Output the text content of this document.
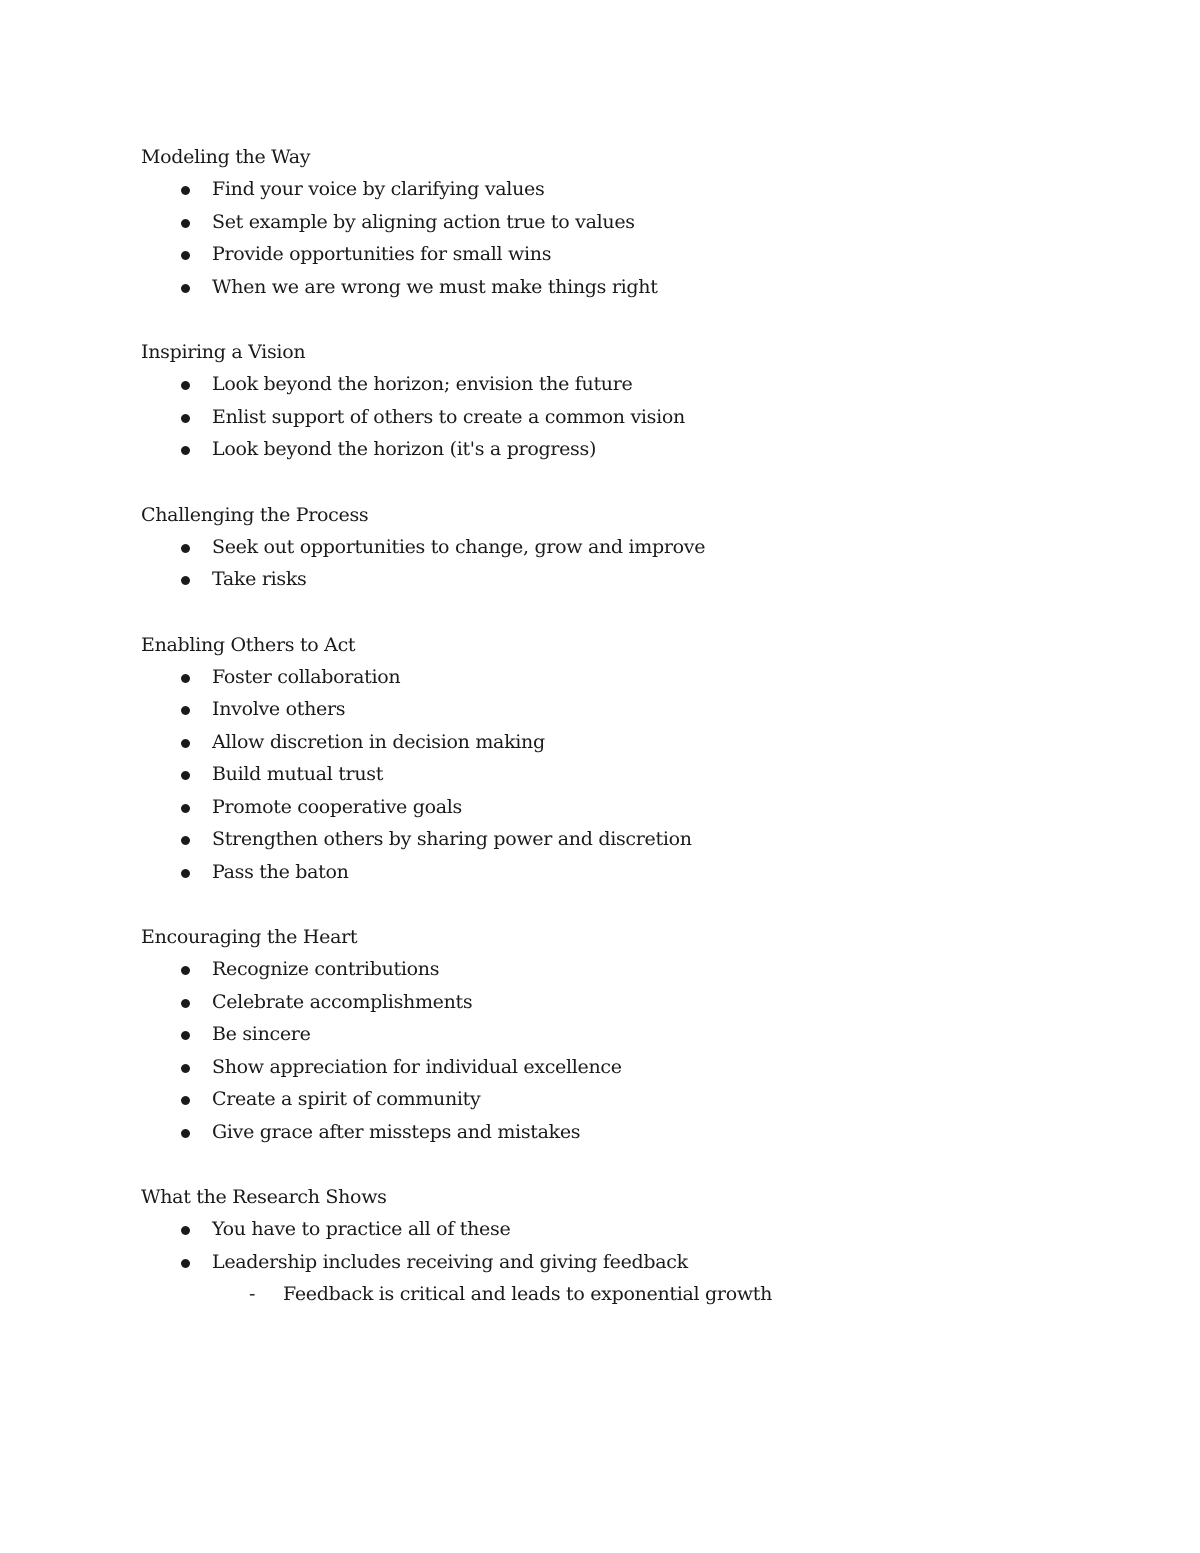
Modeling the Way
Find your voice by clarifying values
Set example by aligning action true to values
Provide opportunities for small wins
When we are wrong we must make things right
Inspiring a Vision
Look beyond the horizon; envision the future
Enlist support of others to create a common vision
Look beyond the horizon (it's a progress)
Challenging the Process
Seek out opportunities to change, grow and improve
Take risks
Enabling Others to Act
Foster collaboration
Involve others
Allow discretion in decision making
Build mutual trust
Promote cooperative goals
Strengthen others by sharing power and discretion
Pass the baton
Encouraging the Heart
Recognize contributions
Celebrate accomplishments
Be sincere
Show appreciation for individual excellence
Create a spirit of community
Give grace after missteps and mistakes
What the Research Shows
You have to practice all of these
Leadership includes receiving and giving feedback
- Feedback is critical and leads to exponential growth
